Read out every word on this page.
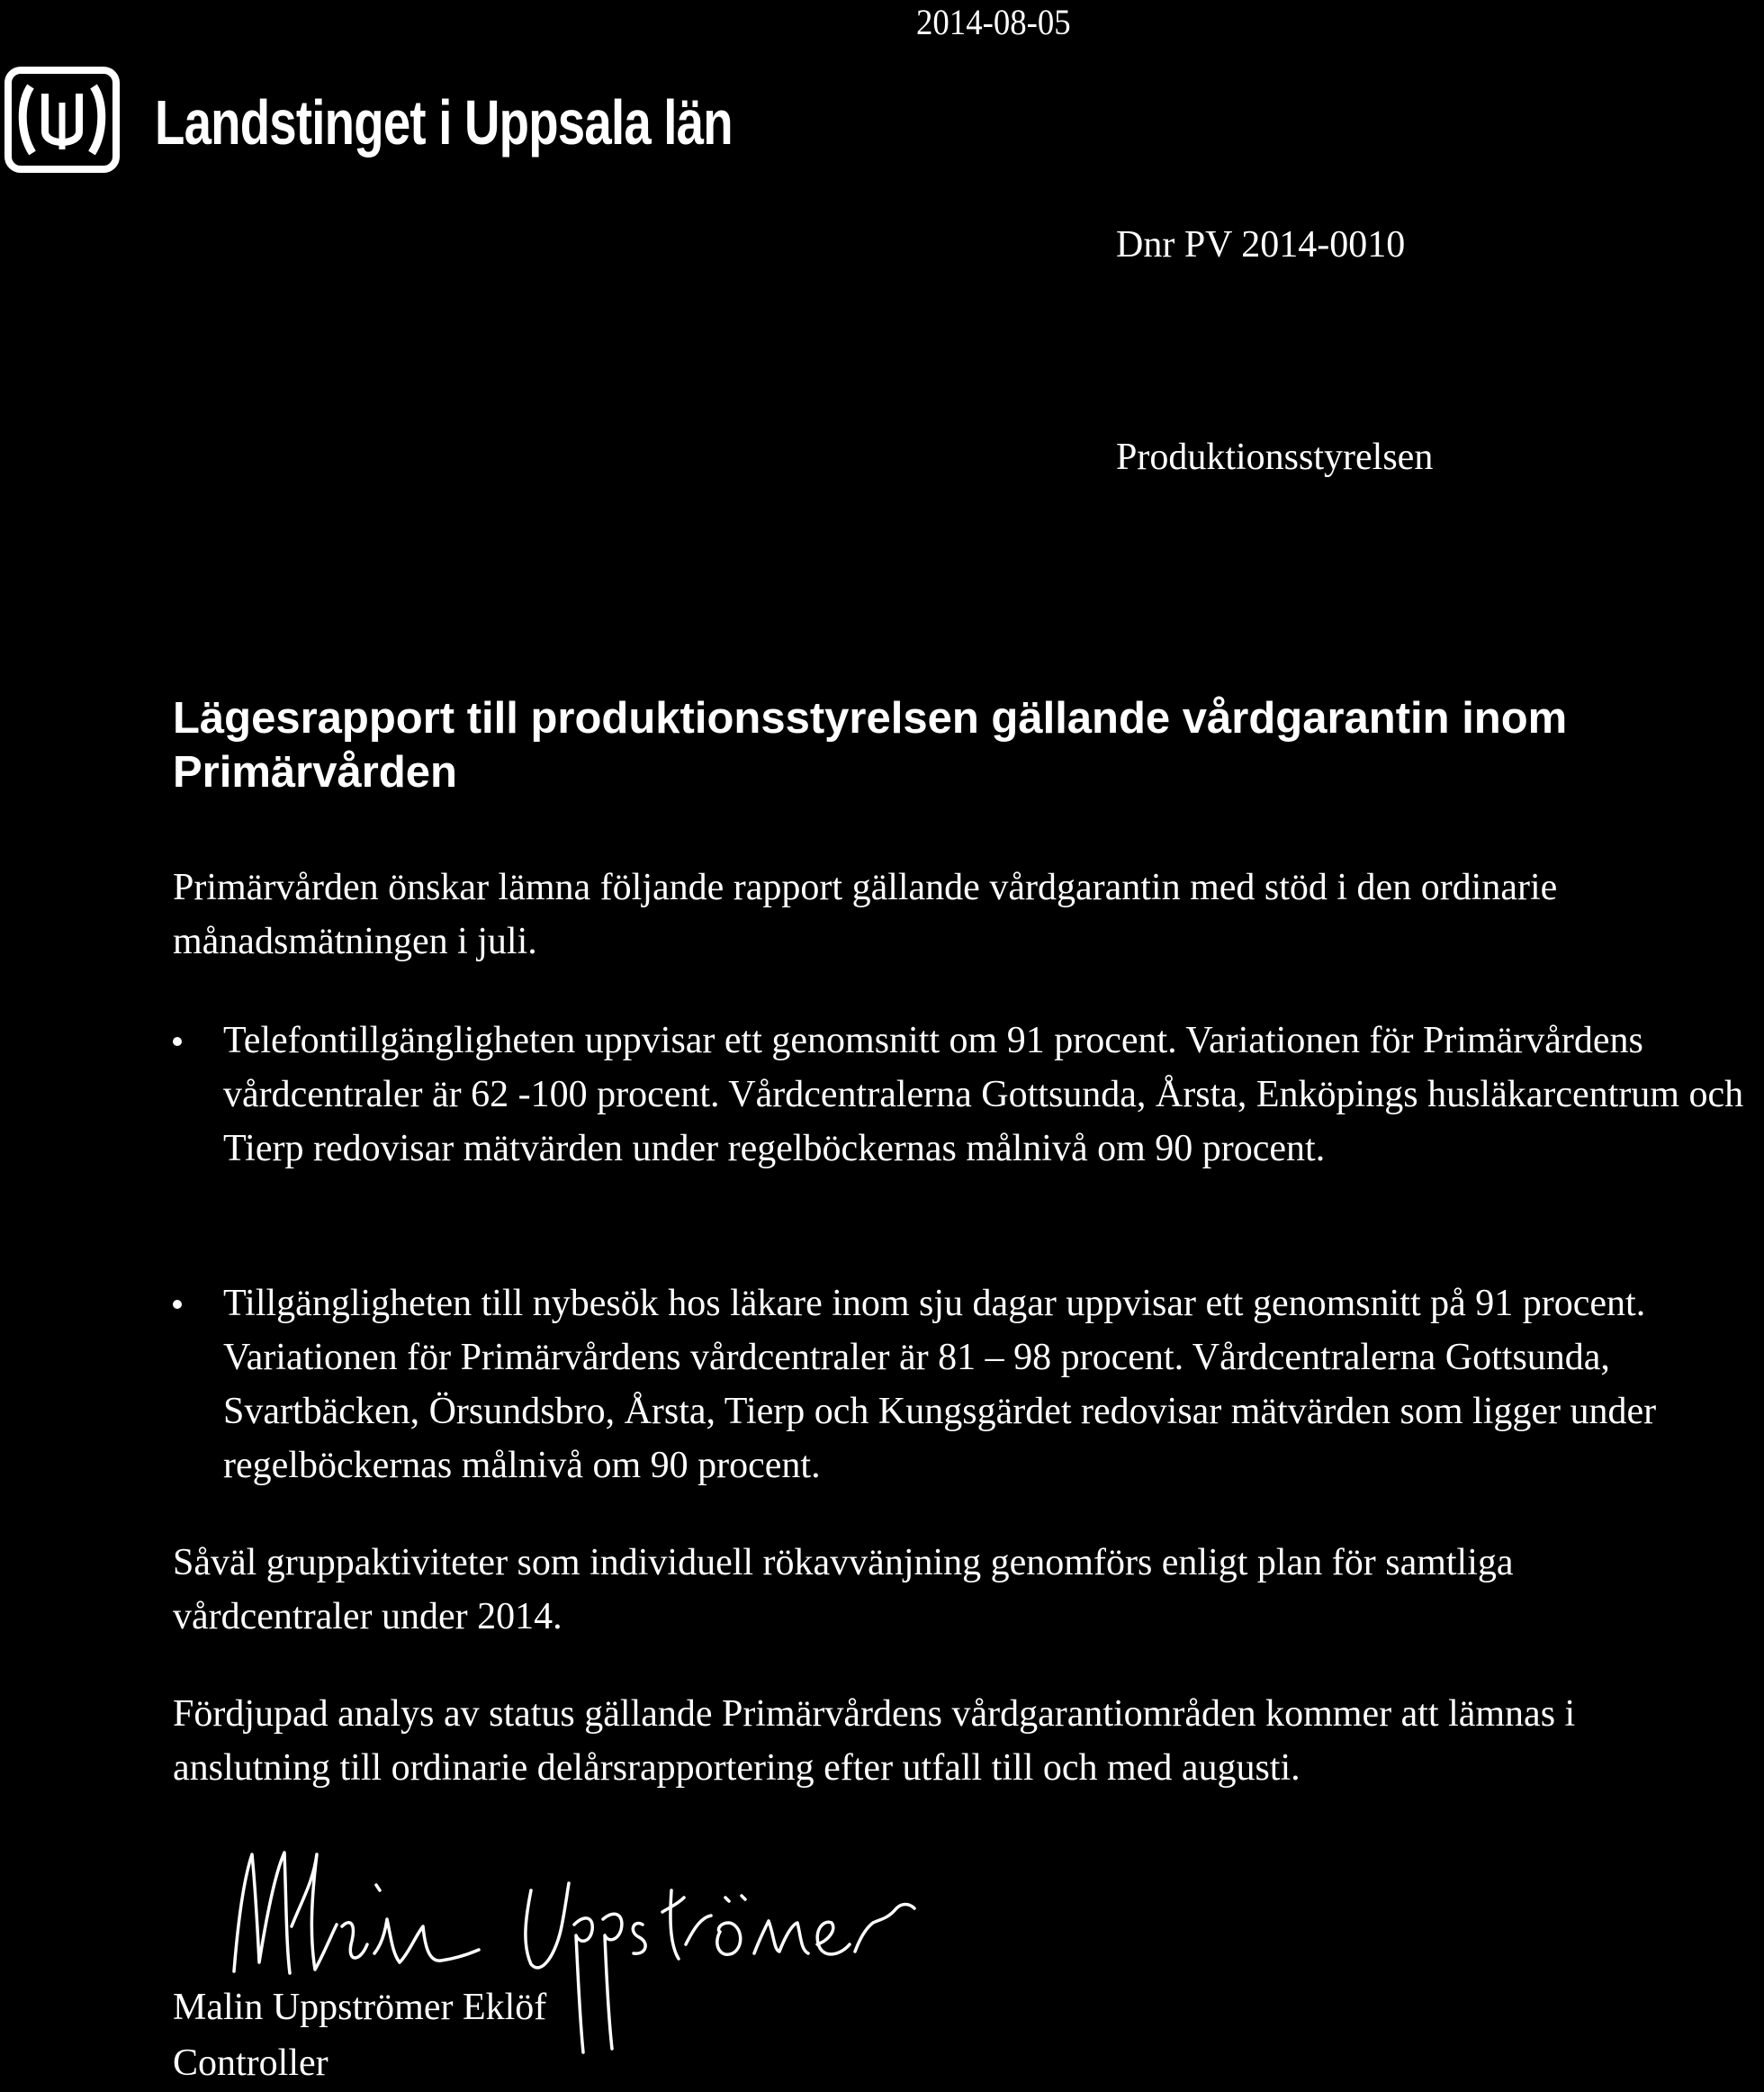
Landstinget i Uppsala län
2014-08-05
Dnr PV 2014-0010
Produktionsstyrelsen
Lägesrapport till produktionsstyrelsen gällande vårdgarantin inom Primärvården

Primärvården önskar lämna följande rapport gällande vårdgarantin med stöd i den ordinarie månadsmätningen i juli.

Telefontillgängligheten uppvisar ett genomsnitt om 91 procent. Variationen för Primärvårdens vårdcentraler är 62 -100 procent. Vårdcentralerna Gottsunda, Årsta, Enköpings husläkarcentrum och Tierp redovisar mätvärden under regelböckernas målnivå om 90 procent.
Tillgängligheten till nybesök hos läkare inom sju dagar uppvisar ett genomsnitt på 91 procent. Variationen för Primärvårdens vårdcentraler är 81 – 98 procent. Vårdcentralerna Gottsunda, Svartbäcken, Örsundsbro, Årsta, Tierp och Kungsgärdet redovisar mätvärden som ligger under regelböckernas målnivå om 90 procent.

Såväl gruppaktiviteter som individuell rökavvänjning genomförs enligt plan för samtliga vårdcentraler under 2014.

Fördjupad analys av status gällande Primärvårdens vårdgarantiområden kommer att lämnas i anslutning till ordinarie delårsrapportering efter utfall till och med augusti.

Malin Uppströmer Eklöf
Controller
